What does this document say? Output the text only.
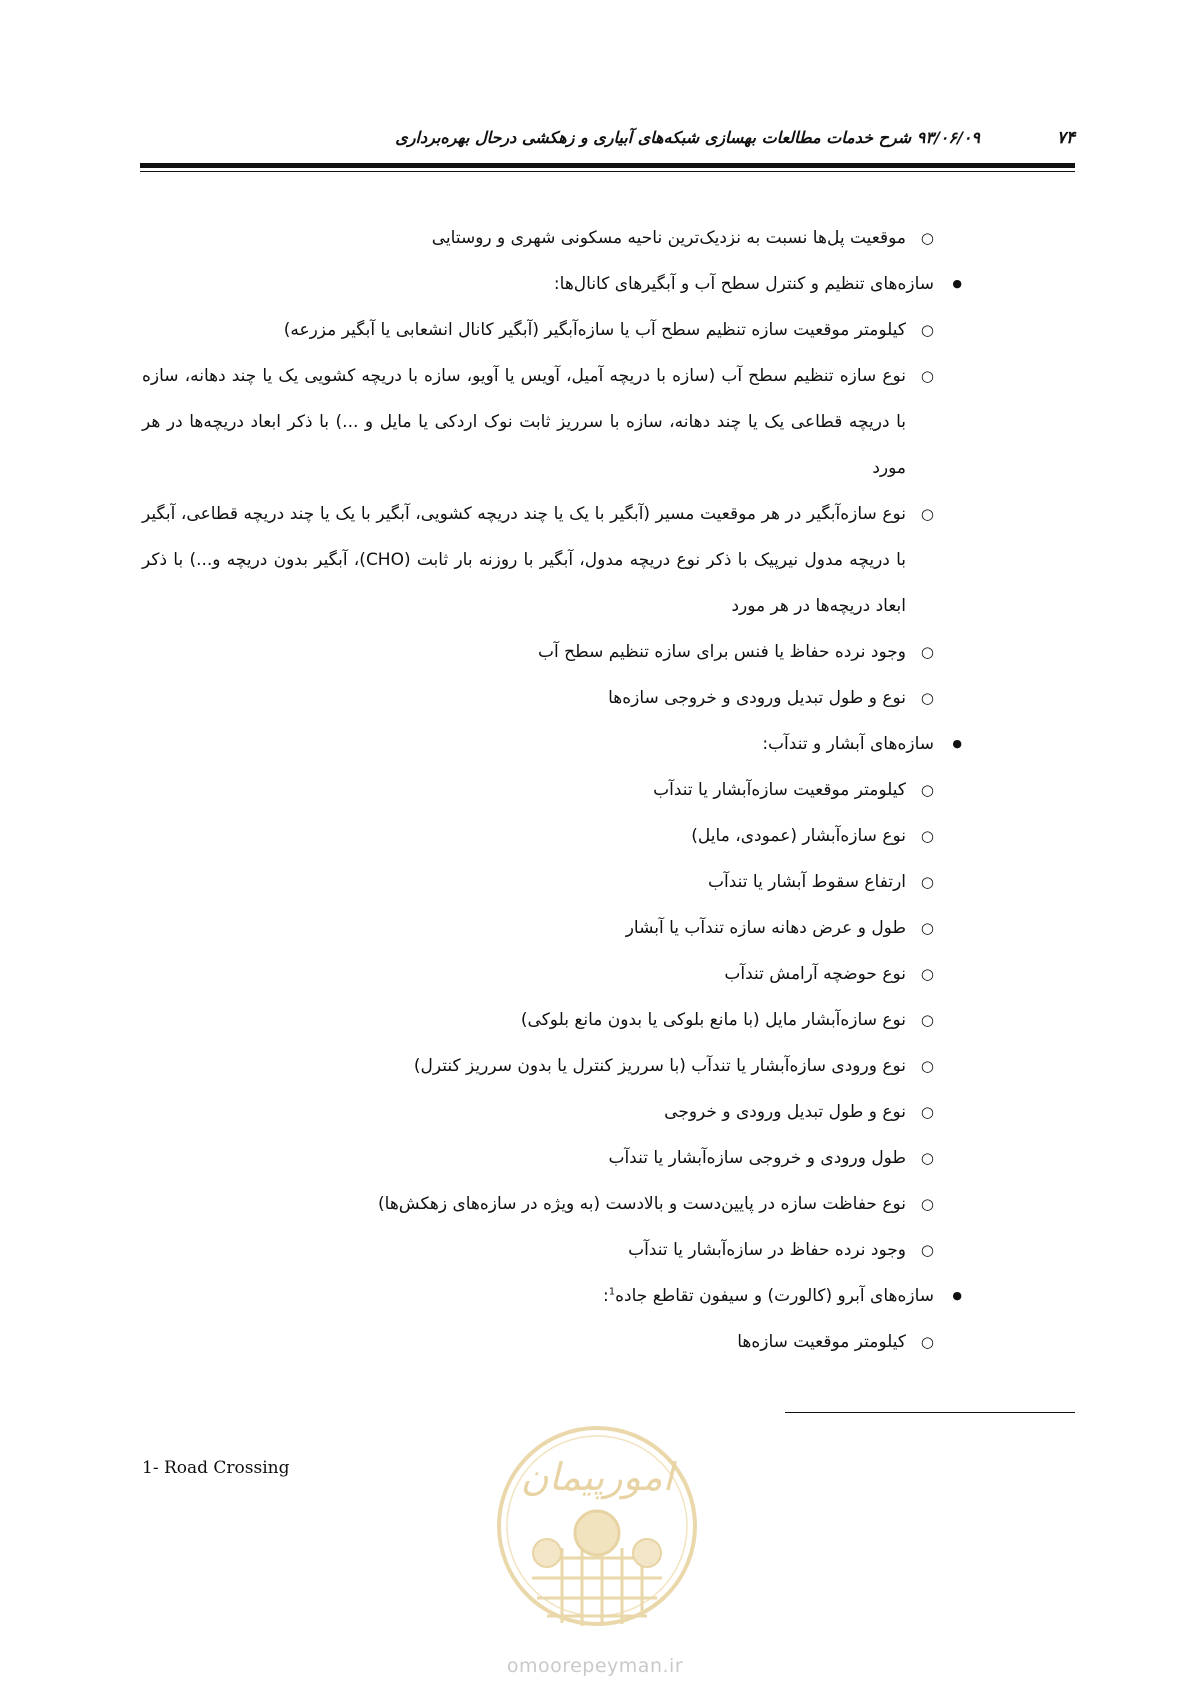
۷۴
۹۳/۰۶/۰۹ شرح خدمات مطالعات بهسازی شبکه‌های آبیاری و زهکشی درحال بهره‌برداری
○
موقعیت پل‌ها نسبت به نزدیک‌ترین ناحیه مسکونی شهری و روستایی
●
سازه‌های تنظیم و کنترل سطح آب و آبگیرهای کانال‌ها:
○
کیلومتر موقعیت سازه تنظیم سطح آب یا سازه‌آبگیر (آبگیر کانال انشعابی یا آبگیر مزرعه)
○
نوع سازه تنظیم سطح آب (سازه با دریچه آمیل، آویس یا آویو، سازه با دریچه کشویی یک یا چند دهانه، سازه با دریچه قطاعی یک یا چند دهانه، سازه با سرریز ثابت نوک اردکی یا مایل و ...) با ذکر ابعاد دریچه‌ها در هر مورد
○
نوع سازه‌آبگیر در هر موقعیت مسیر (آبگیر با یک یا چند دریچه کشویی، آبگیر با یک یا چند دریچه قطاعی، آبگیر با دریچه مدول نیرپیک با ذکر نوع دریچه مدول، آبگیر با روزنه بار ثابت (CHO)، آبگیر بدون دریچه و...) با ذکر ابعاد دریچه‌ها در هر مورد
○
وجود نرده حفاظ یا فنس برای سازه تنظیم سطح آب
○
نوع و طول تبدیل ورودی و خروجی سازه‌ها
●
سازه‌های آبشار و تندآب:
○
کیلومتر موقعیت سازه‌آبشار یا تندآب
○
نوع سازه‌آبشار (عمودی، مایل)
○
ارتفاع سقوط آبشار یا تندآب
○
طول و عرض دهانه سازه تندآب یا آبشار
○
نوع حوضچه آرامش تندآب
○
نوع سازه‌آبشار مایل (با مانع بلوکی یا بدون مانع بلوکی)
○
نوع ورودی سازه‌آبشار یا تندآب (با سرریز کنترل یا بدون سرریز کنترل)
○
نوع و طول تبدیل ورودی و خروجی
○
طول ورودی و خروجی سازه‌آبشار یا تندآب
○
نوع حفاظت سازه در پایین‌دست و بالادست (به ویژه در سازه‌های زهکش‌ها)
○
وجود نرده حفاظ در سازه‌آبشار یا تندآب
●
سازه‌های آبرو (کالورت) و سیفون تقاطع جاده$^1$:
○
کیلومتر موقعیت سازه‌ها
1- Road Crossing	امورپیمان
omoorepeyman.ir
